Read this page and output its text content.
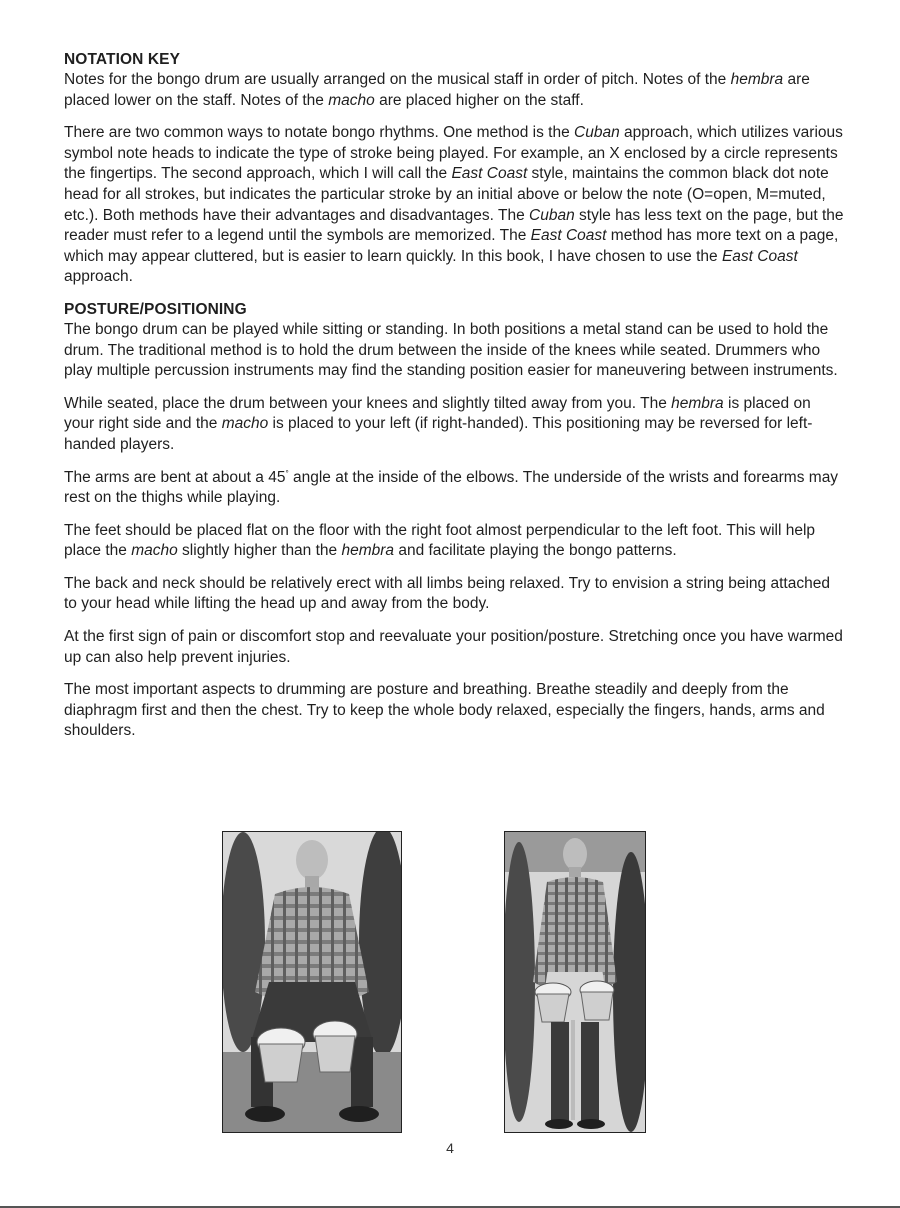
NOTATION KEY

Notes for the bongo drum are usually arranged on the musical staff in order of pitch. Notes of the hembra are placed lower on the staff. Notes of the macho are placed higher on the staff.

There are two common ways to notate bongo rhythms. One method is the Cuban approach, which utilizes various symbol note heads to indicate the type of stroke being played. For example, an X enclosed by a circle represents the fingertips. The second approach, which I will call the East Coast style, maintains the common black dot note head for all strokes, but indicates the particular stroke by an initial above or below the note (O=open, M=muted, etc.). Both methods have their advantages and disadvantages. The Cuban style has less text on the page, but the reader must refer to a legend until the symbols are memorized. The East Coast method has more text on a page, which may appear cluttered, but is easier to learn quickly. In this book, I have chosen to use the East Coast approach.

POSTURE/POSITIONING

The bongo drum can be played while sitting or standing. In both positions a metal stand can be used to hold the drum. The traditional method is to hold the drum between the inside of the knees while seated. Drummers who play multiple percussion instruments may find the standing position easier for maneuvering between instruments.

While seated, place the drum between your knees and slightly tilted away from you. The hembra is placed on your right side and the macho is placed to your left (if right-handed). This positioning may be reversed for left-handed players.

The arms are bent at about a 45° angle at the inside of the elbows. The underside of the wrists and forearms may rest on the thighs while playing.

The feet should be placed flat on the floor with the right foot almost perpendicular to the left foot. This will help place the macho slightly higher than the hembra and facilitate playing the bongo patterns.

The back and neck should be relatively erect with all limbs being relaxed. Try to envision a string being attached to your head while lifting the head up and away from the body.

At the first sign of pain or discomfort stop and reevaluate your position/posture. Stretching once you have warmed up can also help prevent injuries.

The most important aspects to drumming are posture and breathing. Breathe steadily and deeply from the diaphragm first and then the chest. Try to keep the whole body relaxed, especially the fingers, hands, arms and shoulders.

4
